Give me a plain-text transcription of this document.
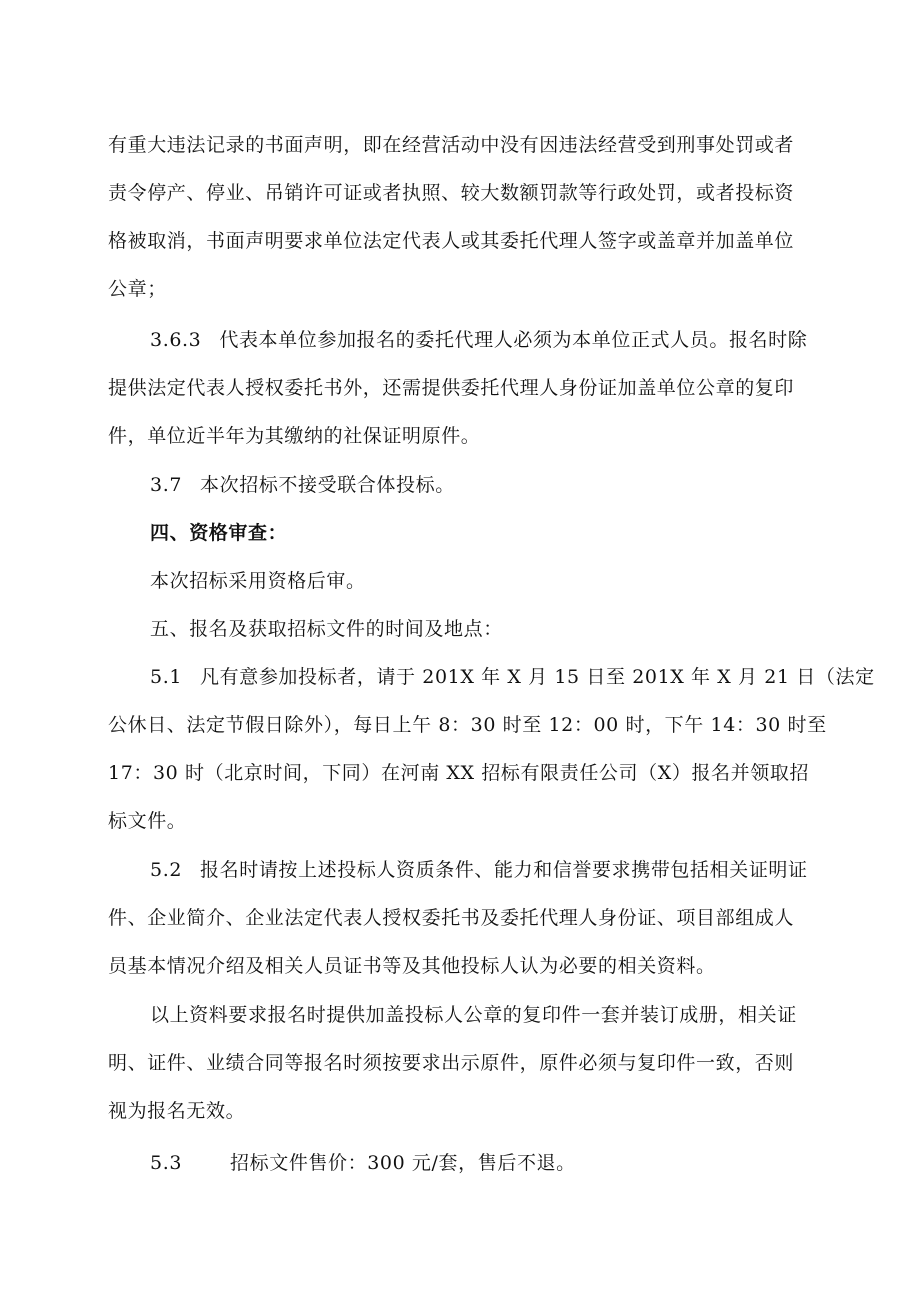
有重大违法记录的书面声明，即在经营活动中没有因违法经营受到刑事处罚或者
责令停产、停业、吊销许可证或者执照、较大数额罚款等行政处罚，或者投标资
格被取消，书面声明要求单位法定代表人或其委托代理人签字或盖章并加盖单位
公章；
3.6.3 代表本单位参加报名的委托代理人必须为本单位正式人员。报名时除
提供法定代表人授权委托书外，还需提供委托代理人身份证加盖单位公章的复印
件，单位近半年为其缴纳的社保证明原件。
3.7 本次招标不接受联合体投标。
四、资格审查：
本次招标采用资格后审。
五、报名及获取招标文件的时间及地点：
5.1 凡有意参加投标者，请于 201X 年 X 月 15 日至 201X 年 X 月 21 日（法定
公休日、法定节假日除外），每日上午 8：30 时至 12：00 时，下午 14：30 时至
17：30 时（北京时间，下同）在河南 XX 招标有限责任公司（X）报名并领取招
标文件。
5.2 报名时请按上述投标人资质条件、能力和信誉要求携带包括相关证明证
件、企业简介、企业法定代表人授权委托书及委托代理人身份证、项目部组成人
员基本情况介绍及相关人员证书等及其他投标人认为必要的相关资料。
以上资料要求报名时提供加盖投标人公章的复印件一套并装订成册，相关证
明、证件、业绩合同等报名时须按要求出示原件，原件必须与复印件一致，否则
视为报名无效。
5.3	招标文件售价：300 元/套，售后不退。
